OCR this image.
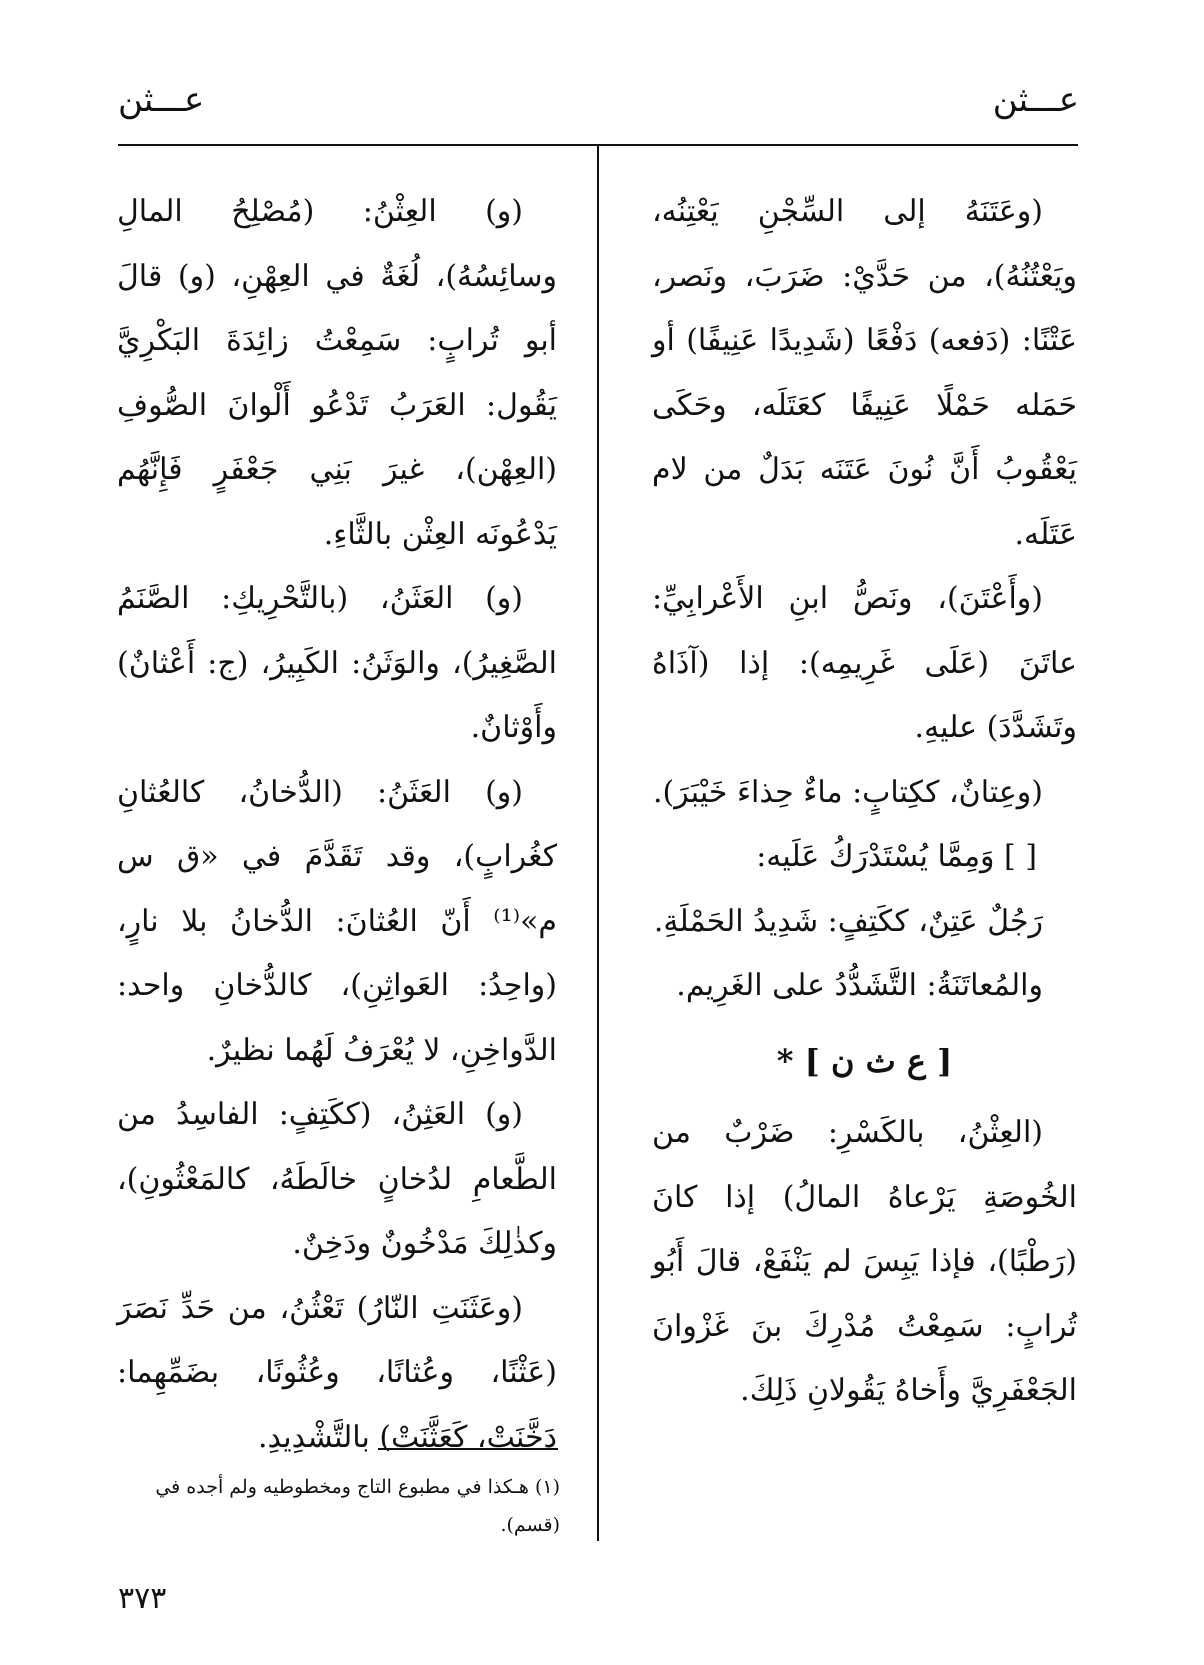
عـــثن
عـــثن

(وعَتَنَهُ إلى السِّجْنِ يَعْتِنُه، ويَعْتُنُهُ)، من حَدَّيْ: ضَرَبَ، ونَصر، عَتْنًا: (دَفعه) دَفْعًا (شَدِيدًا عَنِيفًا) أو حَمَله حَمْلًا عَنِيفًا كعَتَلَه، وحَكَى يَعْقُوبُ أَنَّ نُونَ عَتَنَه بَدَلٌ من لام عَتَلَه.

(وأَعْتَنَ)، ونَصُّ ابنِ الأَعْرابِيِّ: عاتَنَ (عَلَى غَرِيمِه): إذا (آذَاهُ وتَشَدَّدَ) عليهِ.

(وعِتانٌ، ككِتابٍ: ماءٌ حِذاءَ خَيْبَرَ).

[ ] وَمِمَّا يُسْتَدْرَكُ عَلَيه:

رَجُلٌ عَتِنٌ، ككَتِفٍ: شَدِيدُ الحَمْلَةِ.

والمُعاتَنَةُ: التَّشَدُّدُ على الغَرِيم.

[ ع ث ن ] *

(العِثْنُ، بالكَسْرِ: ضَرْبٌ من الخُوصَةِ يَرْعاهُ المالُ) إذا كانَ (رَطْبًا)، فإذا يَبِسَ لم يَنْفَعْ، قالَ أَبُو تُرابٍ: سَمِعْتُ مُدْرِكَ بنَ غَزْوانَ الجَعْفَرِيَّ وأَخاهُ يَقُولانِ ذَلِكَ.

(و) العِثْنُ: (مُصْلِحُ المالِ وسائِسُهُ)، لُغَةٌ في العِهْنِ، (و) قالَ أبو تُرابٍ: سَمِعْتُ زائِدَةَ البَكْرِيَّ يَقُول: العَرَبُ تَدْعُو أَلْوانَ الصُّوفِ (العِهْن)، غيرَ بَنِي جَعْفَرٍ فَإِنَّهُم يَدْعُونَه العِثْن بالثَّاءِ.

(و) العَثَنُ، (بالتَّحْرِيكِ: الصَّنَمُ الصَّغِيرُ)، والوَثَنُ: الكَبِيرُ، (ج: أَعْثانٌ) وأَوْثانٌ.

(و) العَثَنُ: (الدُّخانُ، كالعُثانِ كغُرابٍ)، وقد تَقَدَّمَ في «ق س م»⁽¹⁾ أَنّ العُثانَ: الدُّخانُ بلا نارٍ، (واحِدُ: العَواثِنِ)، كالدُّخانِ واحد: الدَّواخِنِ، لا يُعْرَفُ لَهُما نظيرٌ.

(و) العَثِنُ، (ككَتِفٍ: الفاسِدُ من الطَّعامِ لدُخانٍ خالَطَهُ، كالمَعْثُونِ)، وكذٰلِكَ مَدْخُونٌ ودَخِنٌ.

(وعَثَنَتِ النّارُ) تَعْثُنُ، من حَدِّ نَصَرَ (عَثْنًا، وعُثانًا، وعُثُونًا، بضَمِّهِما: دَخَّنَتْ، كَعَثَّنَتْ) بالتَّشْدِيدِ.

(١) هـكذا في مطبوع التاج ومخطوطيه ولم أجده في (قسم).
٣٧٣
